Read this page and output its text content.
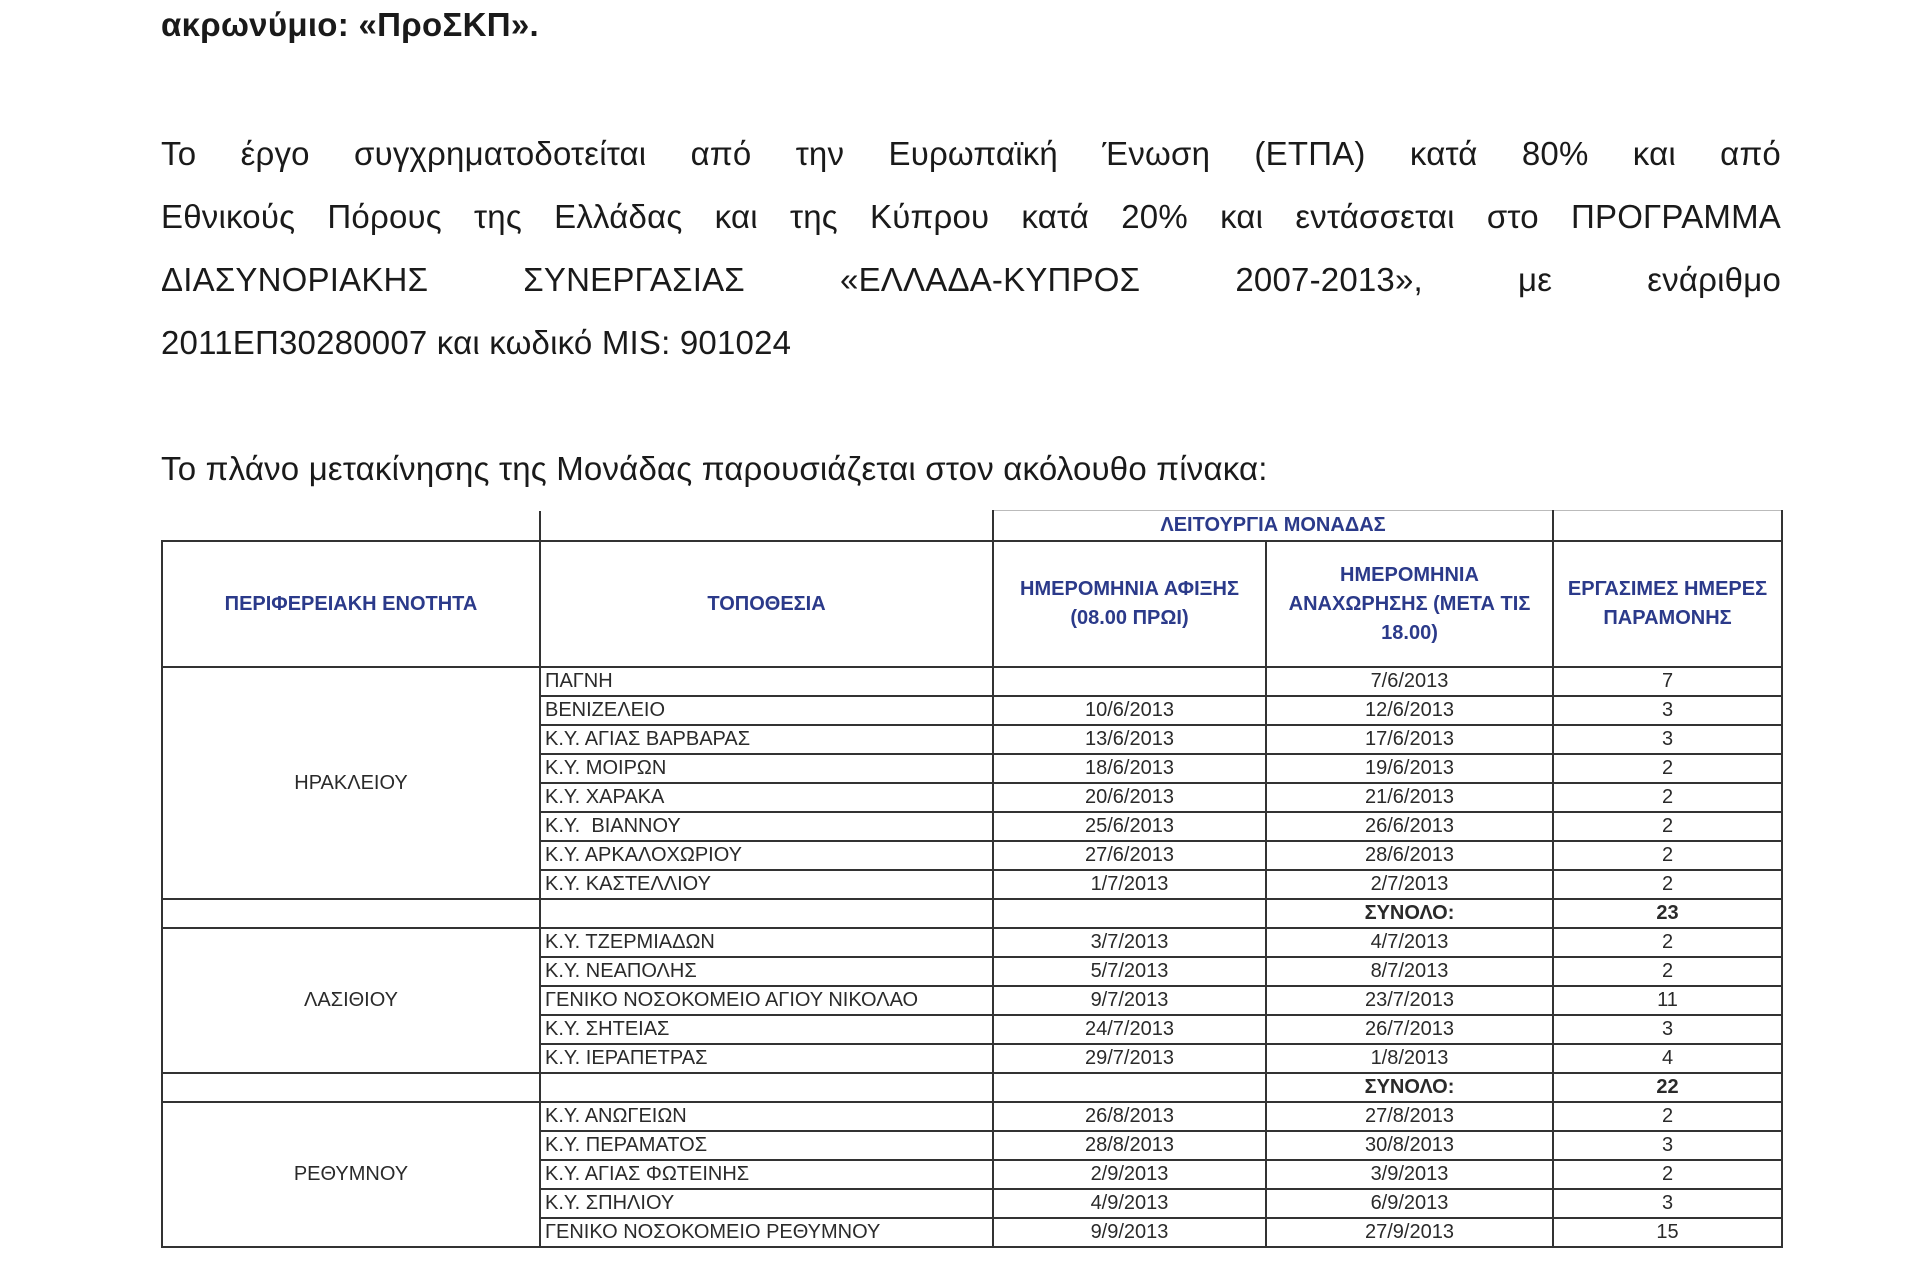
ακρωνύμιο: «ΠροΣΚΠ».
Το έργο συγχρηματοδοτείται από την Ευρωπαϊκή Ένωση (ΕΤΠΑ) κατά 80% και από
Εθνικούς Πόρους της Ελλάδας και της Κύπρου κατά 20% και εντάσσεται στο ΠΡΟΓΡΑΜΜΑ
ΔΙΑΣΥΝΟΡΙΑΚΗΣ ΣΥΝΕΡΓΑΣΙΑΣ «ΕΛΛΑΔΑ-ΚΥΠΡΟΣ 2007-2013», με ενάριθμο
2011ΕΠ30280007 και κωδικό MIS: 901024
Το πλάνο μετακίνησης της Μονάδας παρουσιάζεται στον ακόλουθο πίνακα:
		ΛΕΙΤΟΥΡΓΙΑ ΜΟΝΑΔΑΣ		
ΠΕΡΙΦΕΡΕΙΑΚΗ ΕΝΟΤΗΤΑ	ΤΟΠΟΘΕΣΙΑ	ΗΜΕΡΟΜΗΝΙΑ ΑΦΙΞΗΣ (08.00 ΠΡΩΙ)	ΗΜΕΡΟΜΗΝΙΑ ΑΝΑΧΩΡΗΣΗΣ (ΜΕΤΑ ΤΙΣ 18.00)	ΕΡΓΑΣΙΜΕΣ ΗΜΕΡΕΣ ΠΑΡΑΜΟΝΗΣ
ΗΡΑΚΛΕΙΟΥ	ΠΑΓΝΗ		7/6/2013	7
	ΒΕΝΙΖΕΛΕΙΟ	10/6/2013	12/6/2013	3
	Κ.Υ. ΑΓΙΑΣ ΒΑΡΒΑΡΑΣ	13/6/2013	17/6/2013	3
	Κ.Υ. ΜΟΙΡΩΝ	18/6/2013	19/6/2013	2
	Κ.Υ. ΧΑΡΑΚΑ	20/6/2013	21/6/2013	2
	Κ.Υ.  ΒΙΑΝΝΟΥ	25/6/2013	26/6/2013	2
	Κ.Υ. ΑΡΚΑΛΟΧΩΡΙΟΥ	27/6/2013	28/6/2013	2
	Κ.Υ. ΚΑΣΤΕΛΛΙΟΥ	1/7/2013	2/7/2013	2
			ΣΥΝΟΛΟ:	23
ΛΑΣΙΘΙΟΥ	Κ.Υ. ΤΖΕΡΜΙΑΔΩΝ	3/7/2013	4/7/2013	2
	Κ.Υ. ΝΕΑΠΟΛΗΣ	5/7/2013	8/7/2013	2
	ΓΕΝΙΚΟ ΝΟΣΟΚΟΜΕΙΟ ΑΓΙΟΥ ΝΙΚΟΛΑΟ	9/7/2013	23/7/2013	11
	Κ.Υ. ΣΗΤΕΙΑΣ	24/7/2013	26/7/2013	3
	Κ.Υ. ΙΕΡΑΠΕΤΡΑΣ	29/7/2013	1/8/2013	4
			ΣΥΝΟΛΟ:	22
ΡΕΘΥΜΝΟΥ	Κ.Υ. ΑΝΩΓΕΙΩΝ	26/8/2013	27/8/2013	2
	Κ.Υ. ΠΕΡΑΜΑΤΟΣ	28/8/2013	30/8/2013	3
	Κ.Υ. ΑΓΙΑΣ ΦΩΤΕΙΝΗΣ	2/9/2013	3/9/2013	2
	Κ.Υ. ΣΠΗΛΙΟΥ	4/9/2013	6/9/2013	3
	ΓΕΝΙΚΟ ΝΟΣΟΚΟΜΕΙΟ ΡΕΘΥΜΝΟΥ	9/9/2013	27/9/2013	15
